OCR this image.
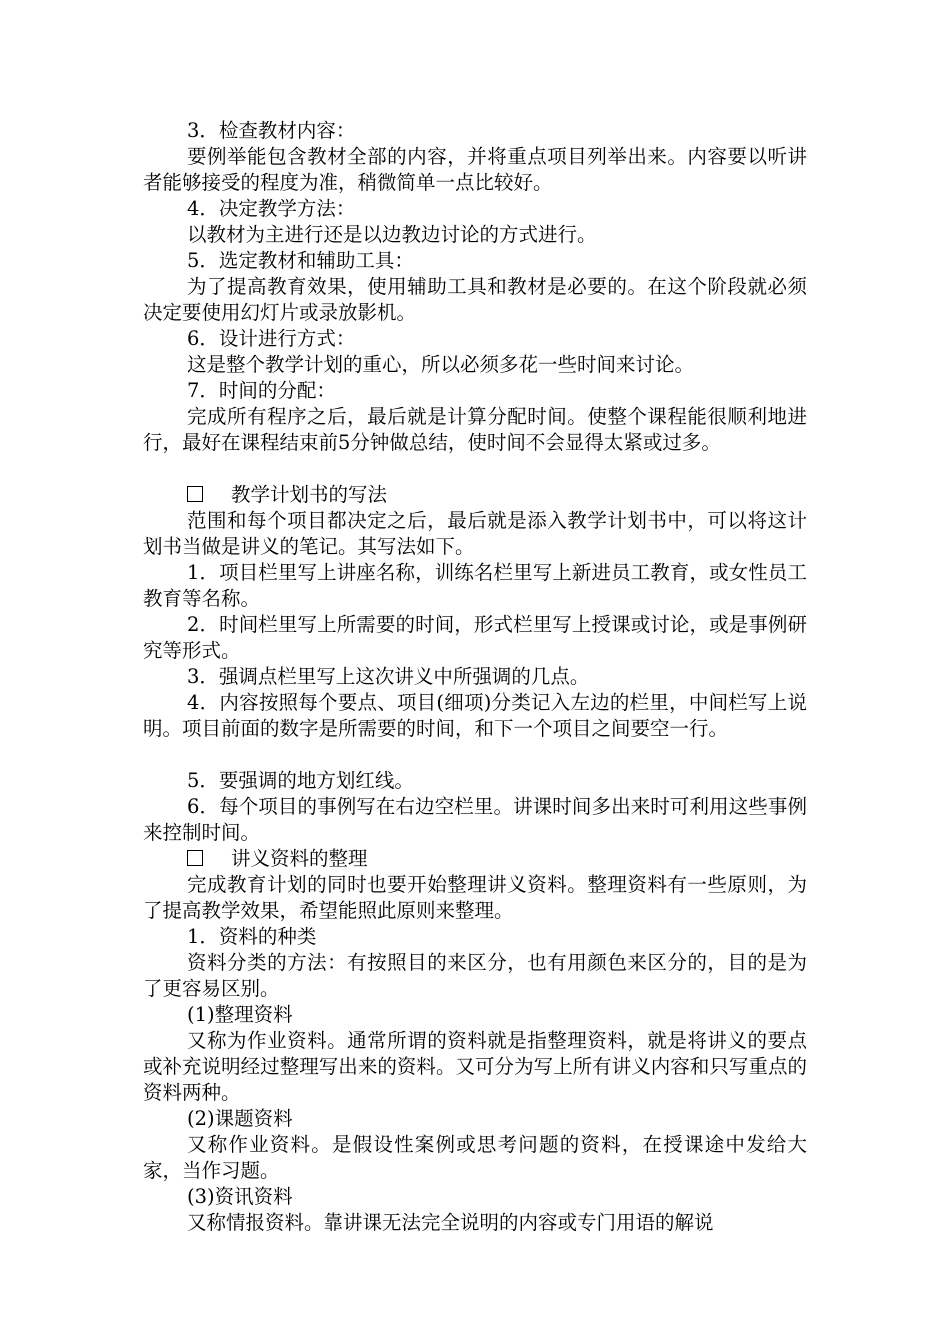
3．检查教材内容：

要例举能包含教材全部的内容，并将重点项目列举出来。内容要以听讲者能够接受的程度为准，稍微简单一点比较好。

4．决定教学方法：

以教材为主进行还是以边教边讨论的方式进行。

5．选定教材和辅助工具：

为了提高教育效果，使用辅助工具和教材是必要的。在这个阶段就必须决定要使用幻灯片或录放影机。

6．设计进行方式：

这是整个教学计划的重心，所以必须多花一些时间来讨论。

7．时间的分配：

完成所有程序之后，最后就是计算分配时间。使整个课程能很顺利地进行，最好在课程结束前5分钟做总结，使时间不会显得太紧或过多。

教学计划书的写法

范围和每个项目都决定之后，最后就是添入教学计划书中，可以将这计划书当做是讲义的笔记。其写法如下。

1．项目栏里写上讲座名称，训练名栏里写上新进员工教育，或女性员工教育等名称。

2．时间栏里写上所需要的时间，形式栏里写上授课或讨论，或是事例研究等形式。

3．强调点栏里写上这次讲义中所强调的几点。

4．内容按照每个要点、项目(细项)分类记入左边的栏里，中间栏写上说明。项目前面的数字是所需要的时间，和下一个项目之间要空一行。

5．要强调的地方划红线。

6．每个项目的事例写在右边空栏里。讲课时间多出来时可利用这些事例来控制时间。

讲义资料的整理

完成教育计划的同时也要开始整理讲义资料。整理资料有一些原则，为了提高教学效果，希望能照此原则来整理。

1．资料的种类

资料分类的方法：有按照目的来区分，也有用颜色来区分的，目的是为了更容易区别。

(1)整理资料

又称为作业资料。通常所谓的资料就是指整理资料，就是将讲义的要点或补充说明经过整理写出来的资料。又可分为写上所有讲义内容和只写重点的资料两种。

(2)课题资料

又称作业资料。是假设性案例或思考问题的资料，在授课途中发给大家，当作习题。

(3)资讯资料

又称情报资料。靠讲课无法完全说明的内容或专门用语的解说
